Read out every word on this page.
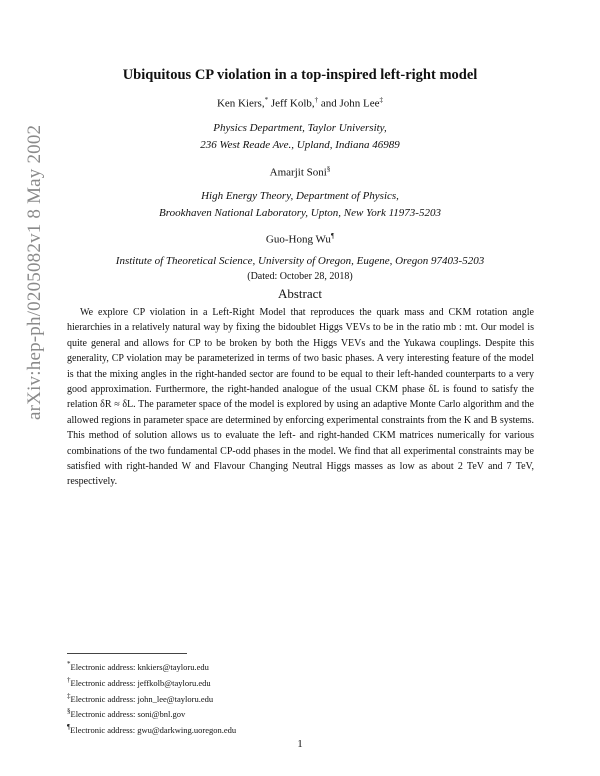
arXiv:hep-ph/0205082v1 8 May 2002
Ubiquitous CP violation in a top-inspired left-right model
Ken Kiers,* Jeff Kolb,† and John Lee‡
Physics Department, Taylor University,
236 West Reade Ave., Upland, Indiana 46989
Amarjit Soni§
High Energy Theory, Department of Physics,
Brookhaven National Laboratory, Upton, New York 11973-5203
Guo-Hong Wu¶
Institute of Theoretical Science, University of Oregon, Eugene, Oregon 97403-5203
(Dated: October 28, 2018)
Abstract

We explore CP violation in a Left-Right Model that reproduces the quark mass and CKM rotation angle hierarchies in a relatively natural way by fixing the bidoublet Higgs VEVs to be in the ratio mb : mt. Our model is quite general and allows for CP to be broken by both the Higgs VEVs and the Yukawa couplings. Despite this generality, CP violation may be parameterized in terms of two basic phases. A very interesting feature of the model is that the mixing angles in the right-handed sector are found to be equal to their left-handed counterparts to a very good approximation. Furthermore, the right-handed analogue of the usual CKM phase δL is found to satisfy the relation δR ≈ δL. The parameter space of the model is explored by using an adaptive Monte Carlo algorithm and the allowed regions in parameter space are determined by enforcing experimental constraints from the K and B systems. This method of solution allows us to evaluate the left- and right-handed CKM matrices numerically for various combinations of the two fundamental CP-odd phases in the model. We find that all experimental constraints may be satisfied with right-handed W and Flavour Changing Neutral Higgs masses as low as about 2 TeV and 7 TeV, respectively.

*Electronic address: knkiers@tayloru.edu
†Electronic address: jeffkolb@tayloru.edu
‡Electronic address: john_lee@tayloru.edu
§Electronic address: soni@bnl.gov
¶Electronic address: gwu@darkwing.uoregon.edu
1
